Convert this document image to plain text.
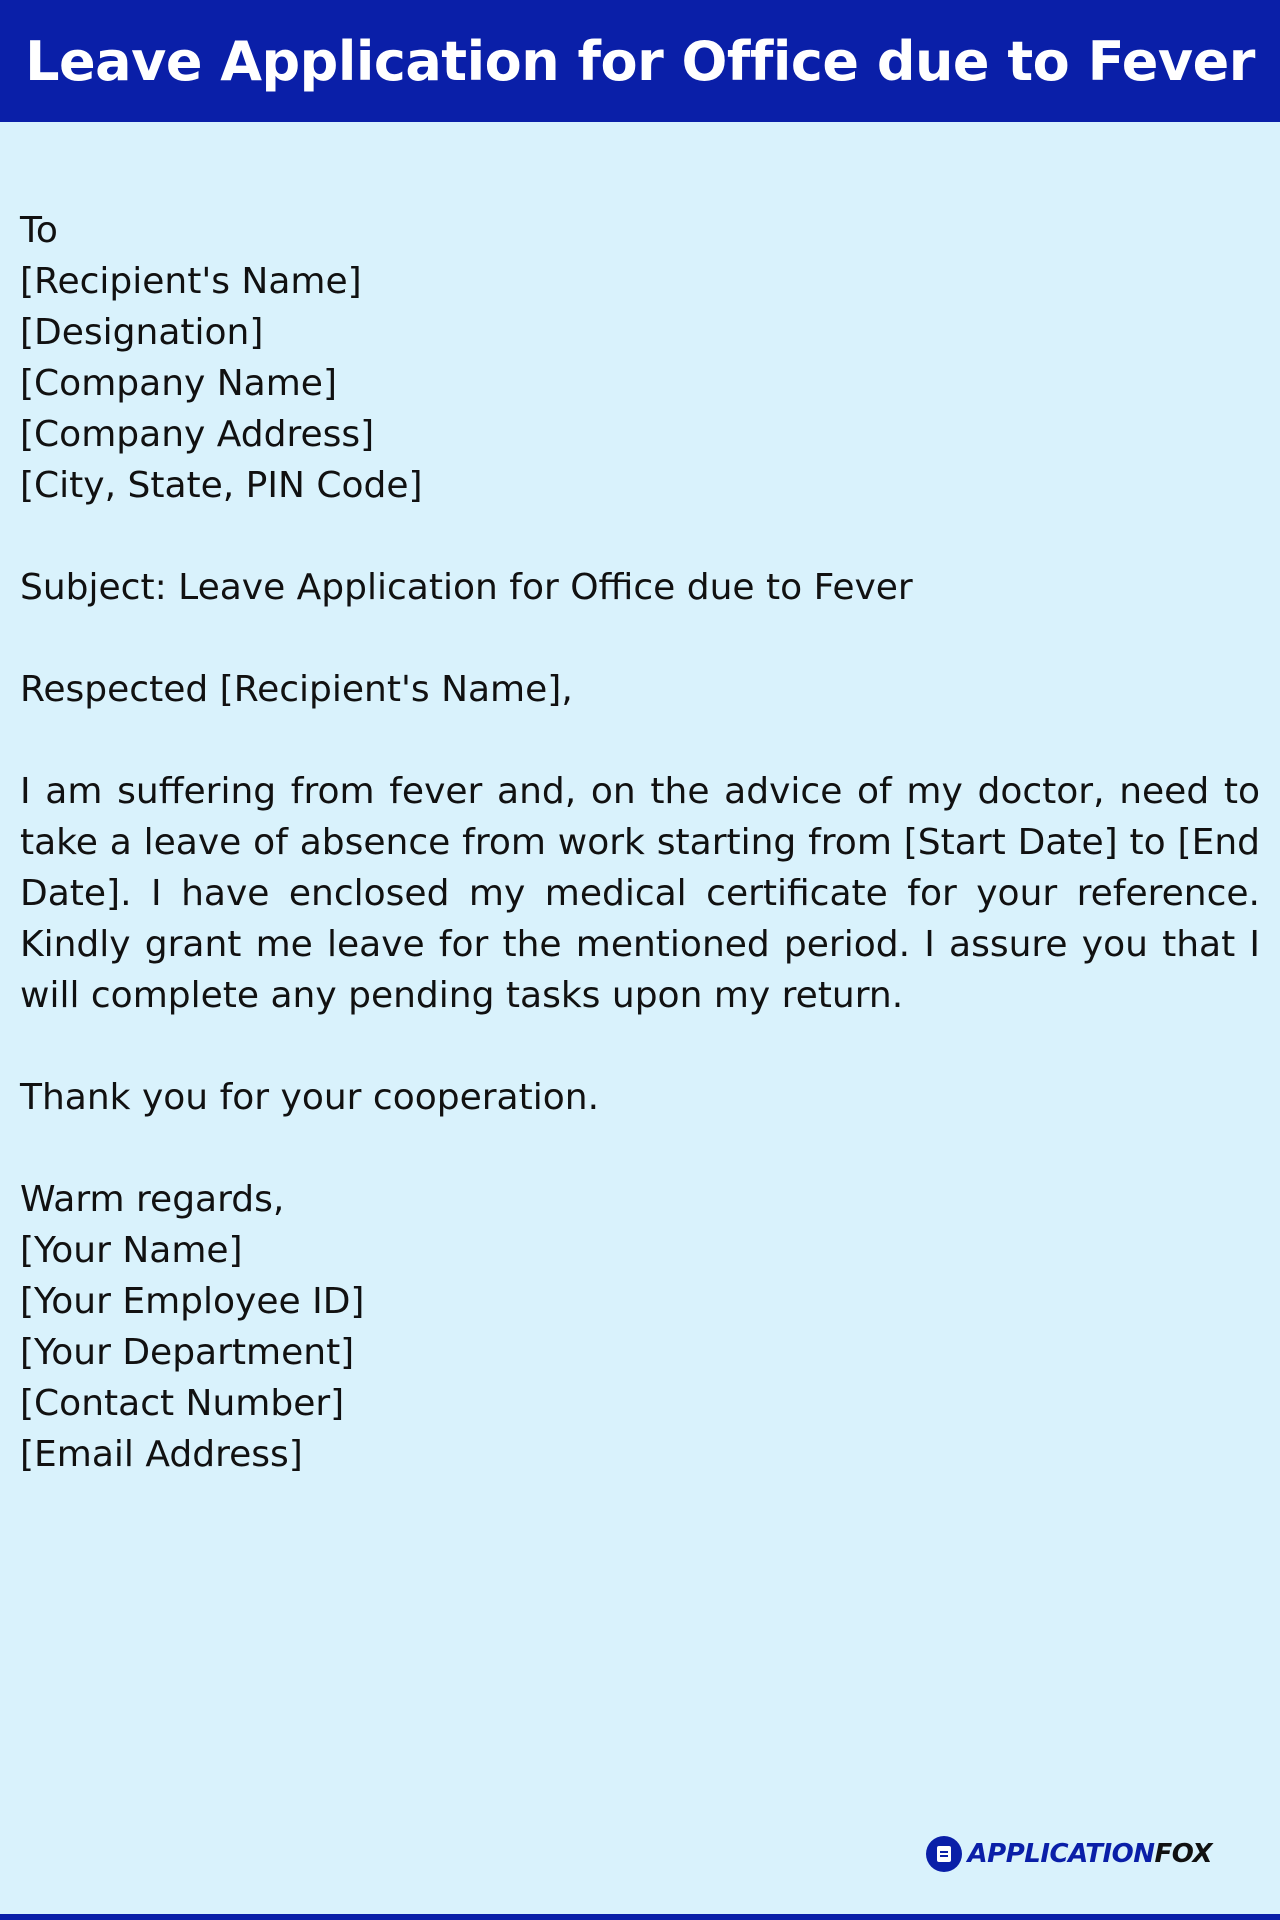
Leave Application for Office due to Fever
To
[Recipient's Name]
[Designation]
[Company Name]
[Company Address]
[City, State, PIN Code]
Subject: Leave Application for Office due to Fever
Respected [Recipient's Name],
I am suffering from fever and, on the advice of my doctor, need to take a leave of absence from work starting from [Start Date] to [End Date]. I have enclosed my medical certificate for your reference. Kindly grant me leave for the mentioned period. I assure you that I will complete any pending tasks upon my return.
Thank you for your cooperation.
Warm regards,
[Your Name]
[Your Employee ID]
[Your Department]
[Contact Number]
[Email Address]
APPLICATIONFOX
